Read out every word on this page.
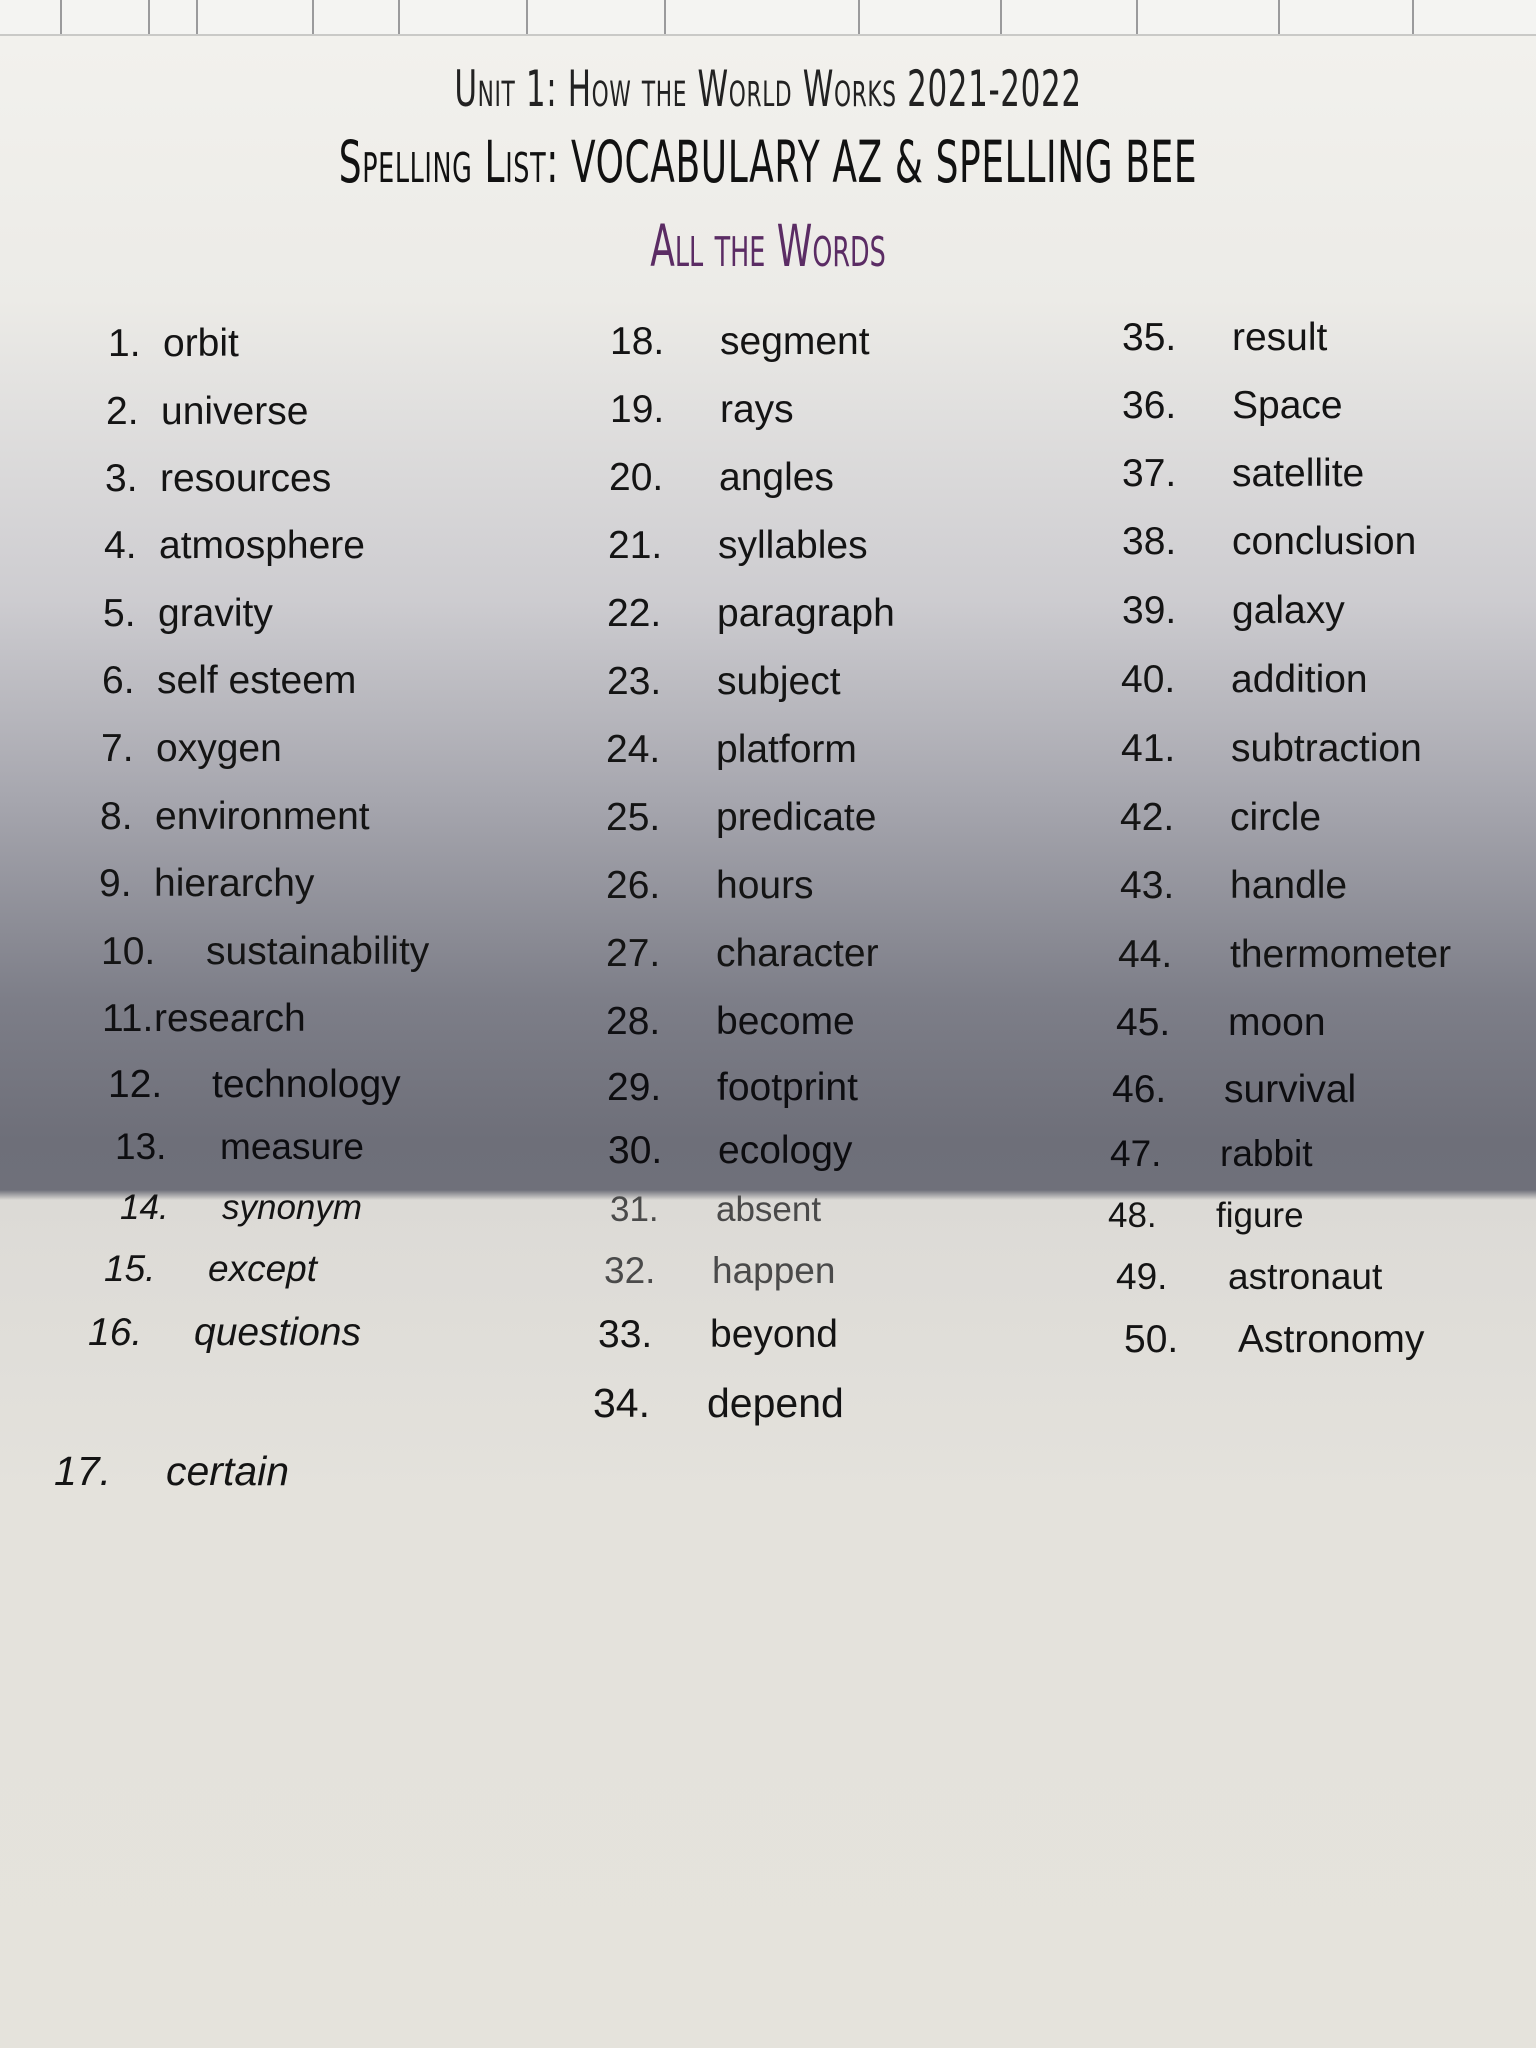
Unit 1: How the World Works 2021-2022
Spelling List: VOCABULARY AZ & SPELLING BEE
All the Words
1. orbit
2. universe
3. resources
4. atmosphere
5. gravity
6. self esteem
7. oxygen
8. environment
9. hierarchy
10. sustainability
11. research
12. technology
13. measure
14. synonym
15. except
16. questions
17. certain
18. segment
19. rays
20. angles
21. syllables
22. paragraph
23. subject
24. platform
25. predicate
26. hours
27. character
28. become
29. footprint
30. ecology
31. absent
32. happen
33. beyond
34. depend
35. result
36. Space
37. satellite
38. conclusion
39. galaxy
40. addition
41. subtraction
42. circle
43. handle
44. thermometer
45. moon
46. survival
47. rabbit
48. figure
49. astronaut
50. Astronomy
